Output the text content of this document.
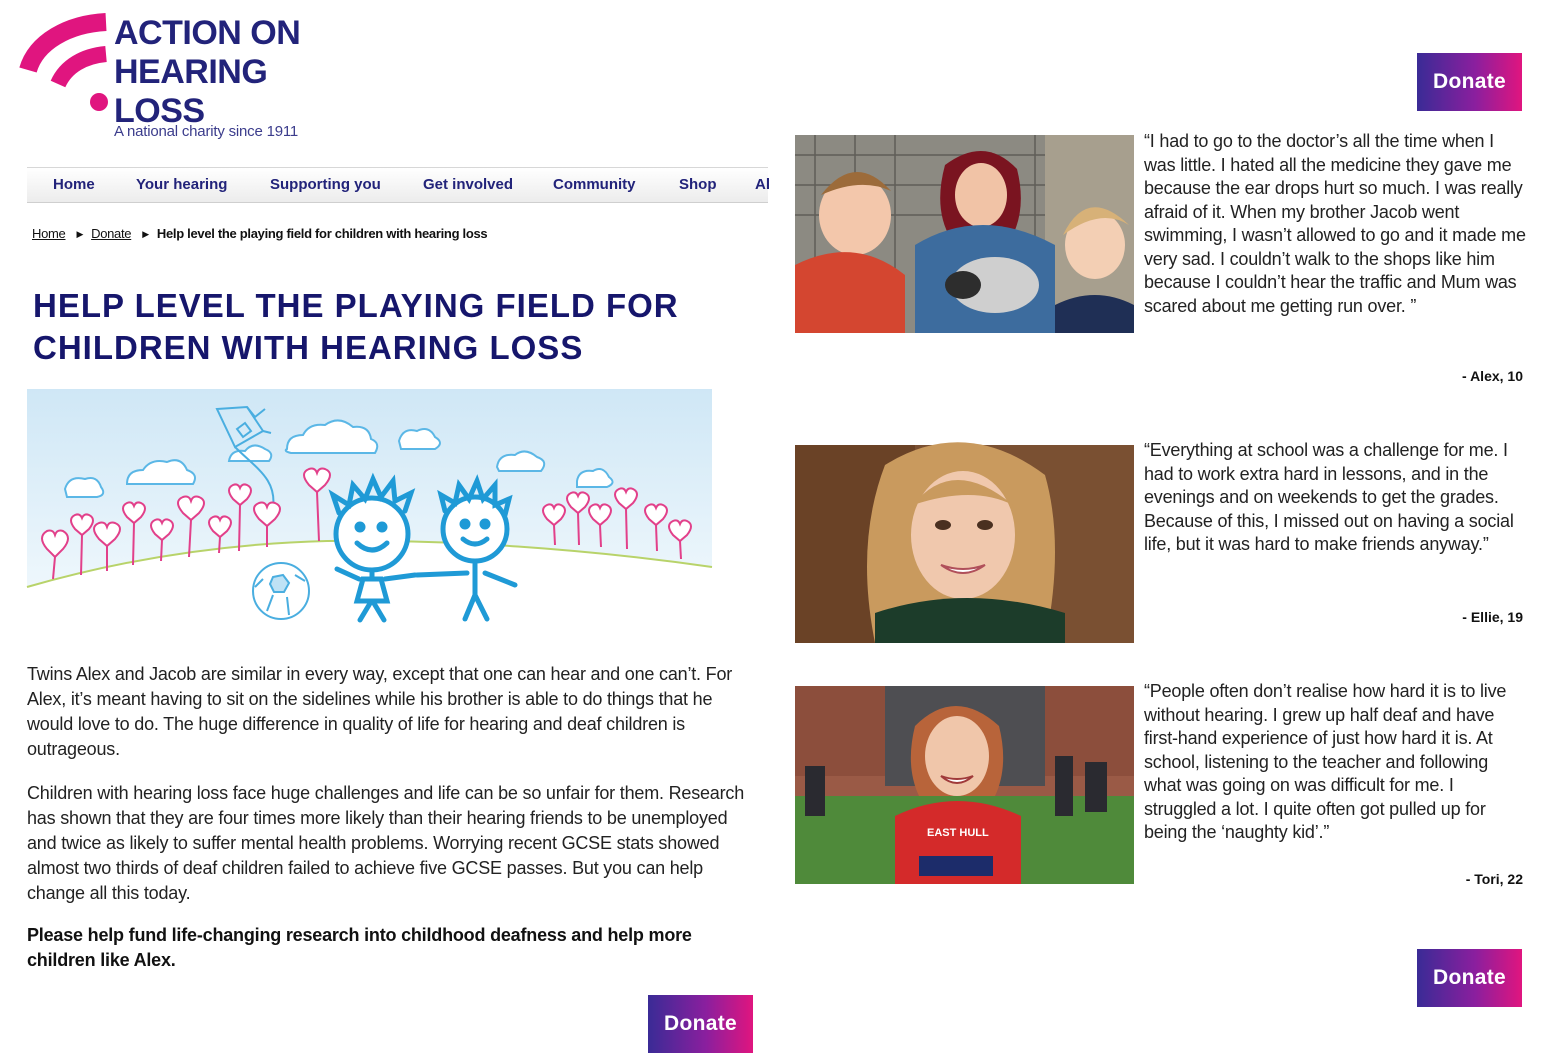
ACTION ON
HEARING
LOSS
A national charity since 1911
Home	Your hearing	Supporting you	Get involved	Community	Shop	Al
Home ▶ Donate ▶ Help level the playing field for children with hearing loss
HELP LEVEL THE PLAYING FIELD FOR CHILDREN WITH HEARING LOSS

Twins Alex and Jacob are similar in every way, except that one can hear and one can’t. For Alex, it’s meant having to sit on the sidelines while his brother is able to do things that he would love to do. The huge difference in quality of life for hearing and deaf children is outrageous.

Children with hearing loss face huge challenges and life can be so unfair for them. Research has shown that they are four times more likely than their hearing friends to be unemployed and twice as likely to suffer mental health problems. Worrying recent GCSE stats showed almost two thirds of deaf children failed to achieve five GCSE passes. But you can help change all this today.

Please help fund life-changing research into childhood deafness and help more children like Alex.

Donate
Donate
Donate

“I had to go to the doctor’s all the time when I was little. I hated all the medicine they gave me because the ear drops hurt so much. I was really afraid of it. When my brother Jacob went swimming, I wasn’t allowed to go and it made me very sad. I couldn’t walk to the shops like him because I couldn’t hear the traffic and Mum was scared about me getting run over. ”

- Alex, 10

“Everything at school was a challenge for me. I had to work extra hard in lessons, and in the evenings and on weekends to get the grades. Because of this, I missed out on having a social life, but it was hard to make friends anyway.”

- Ellie, 19
EAST HULL

“People often don’t realise how hard it is to live without hearing. I grew up half deaf and have first-hand experience of just how hard it is. At school, listening to the teacher and following what was going on was difficult for me. I struggled a lot. I quite often got pulled up for being the ‘naughty kid’.”

- Tori, 22
